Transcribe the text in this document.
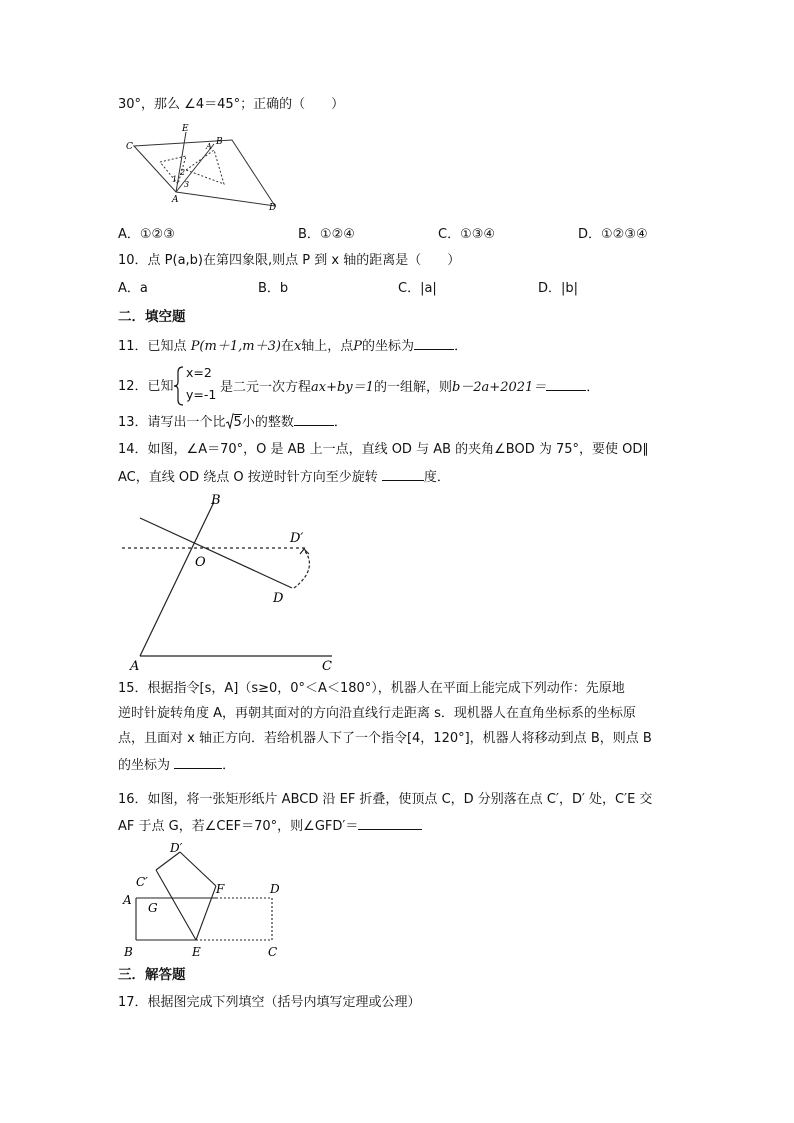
30°，那么 ∠4＝45°；正确的（　　）
C
E
A B
A
D
1
2
3
A．①②③	B．①②④	C．①③④	D．①②③④
10．点 P(a,b)在第四象限,则点 P 到 x 轴的距离是（　　）
A．a	B．b	C．|a|	D．|b|
二．填空题
11．已知点 P(m＋1,m＋3)在x轴上，点P的坐标为	．
12．已知
x=2
y=-1 是二元一次方程ax+by＝1的一组解，则b－2a+2021＝	．
13．请写出一个比 5小的整数	．
14．如图，∠A＝70°，O 是 AB 上一点，直线 OD 与 AB 的夹角∠BOD 为 75°，要使 OD∥
AC，直线 OD 绕点 O 按逆时针方向至少旋转	度．
B
D′
O
D
A	C
15．根据指令[s，A]（s≥0，0°＜A＜180°），机器人在平面上能完成下列动作：先原地
逆时针旋转角度 A，再朝其面对的方向沿直线行走距离 s．现机器人在直角坐标系的坐标原
点，且面对 x 轴正方向．若给机器人下了一个指令[4，120°]，机器人将移动到点 B，则点 B
的坐标为	．
16．如图，将一张矩形纸片 ABCD 沿 EF 折叠，使顶点 C，D 分别落在点 C′，D′ 处，C′E 交
AF 于点 G，若∠CEF＝70°，则∠GFD′＝
D′
C′	F	D
A
G
B	E	C
三．解答题
17．根据图完成下列填空（括号内填写定理或公理）
